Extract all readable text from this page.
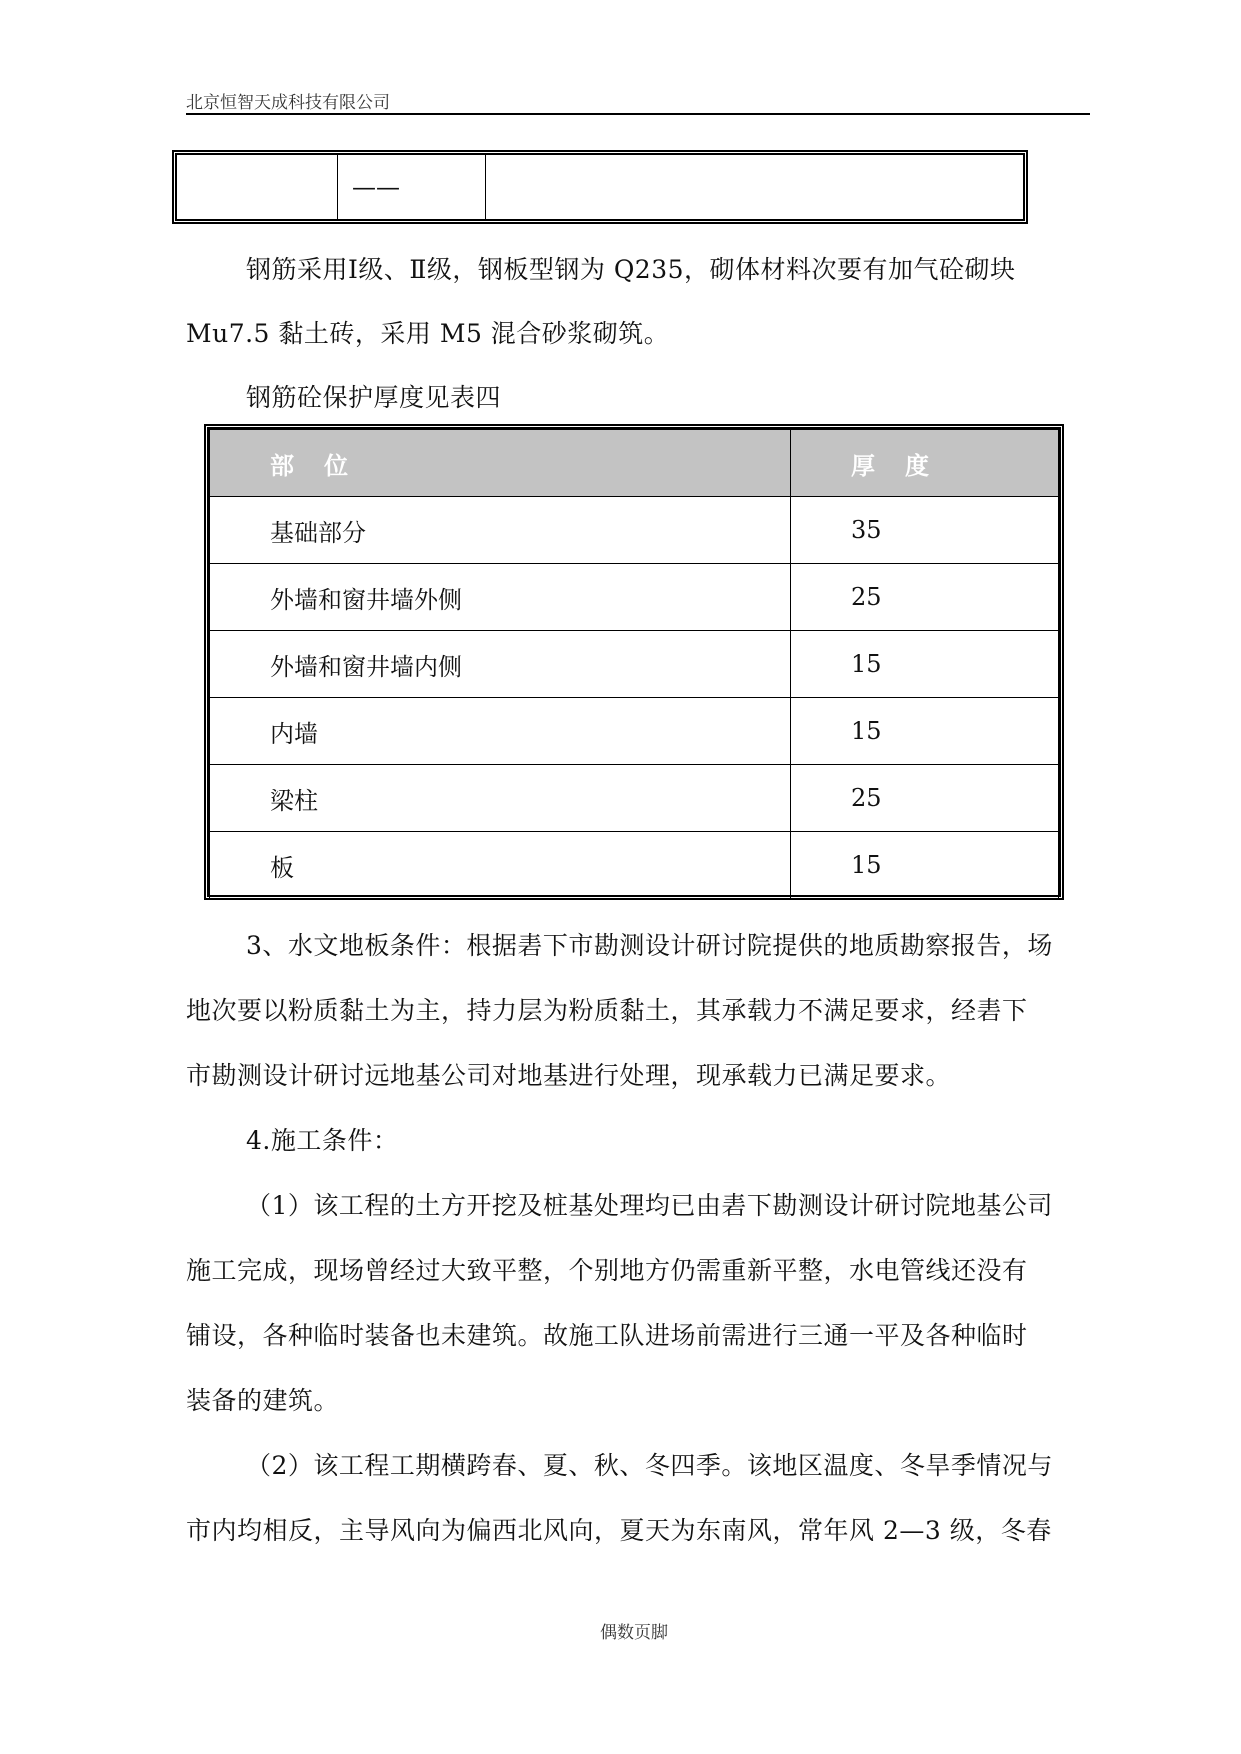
北京恒智天成科技有限公司
——

钢筋采用Ⅰ级、Ⅱ级，钢板型钢为 Q235，砌体材料次要有加气砼砌块

Mu7.5 黏土砖，采用 M5 混合砂浆砌筑。

钢筋砼保护厚度见表四

部位	厚度
基础部分	35
外墙和窗井墙外侧	25
外墙和窗井墙内侧	15
内墙	15
梁柱	25
板	15

3、水文地板条件：根据砉下市勘测设计研讨院提供的地质勘察报告，场

地次要以粉质黏土为主，持力层为粉质黏土，其承载力不满足要求，经砉下

市勘测设计研讨远地基公司对地基进行处理，现承载力已满足要求。

4.施工条件：

（1）该工程的土方开挖及桩基处理均已由砉下勘测设计研讨院地基公司

施工完成，现场曾经过大致平整，个别地方仍需重新平整，水电管线还没有

铺设，各种临时装备也未建筑。故施工队进场前需进行三通一平及各种临时

装备的建筑。

（2）该工程工期横跨春、夏、秋、冬四季。该地区温度、冬旱季情况与

市内均相反，主导风向为偏西北风向，夏天为东南风，常年风 2—3 级，冬春

偶数页脚
